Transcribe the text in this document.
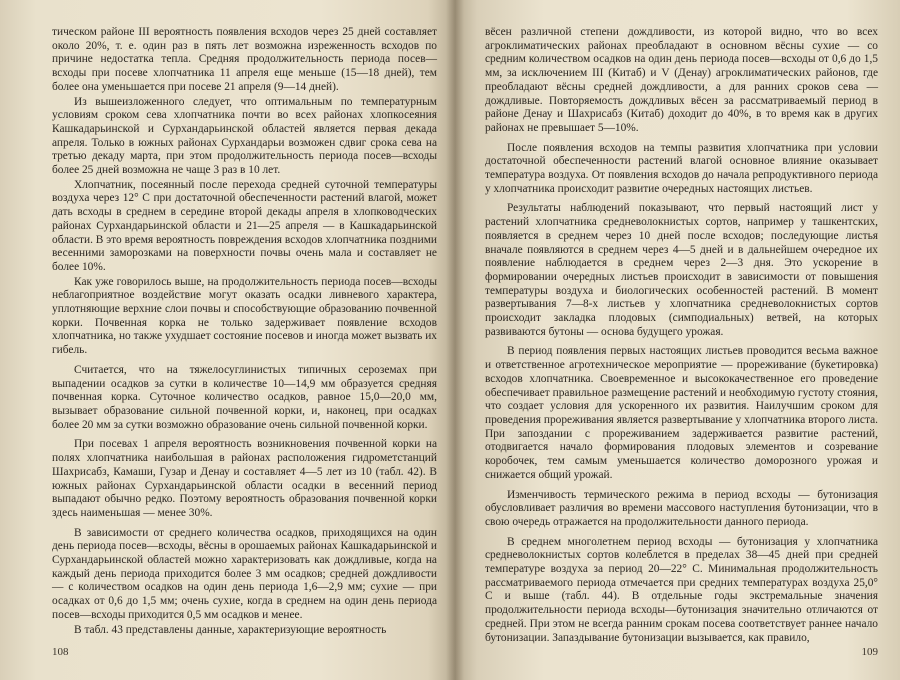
тическом районе III вероятность появления всходов через 25 дней составляет около 20%, т. е. один раз в пять лет возможна изреженность всходов по причине недостатка тепла. Средняя продолжительность периода посев—всходы при посеве хлопчатника 11 апреля еще меньше (15—18 дней), тем более она уменьшается при посеве 21 апреля (9—14 дней).

Из вышеизложенного следует, что оптимальным по температурным условиям сроком сева хлопчатника почти во всех районах хлопкосеяния Кашкадарьинской и Сурхандарьинской областей является первая декада апреля. Только в южных районах Сурхандарьи возможен сдвиг срока сева на третью декаду марта, при этом продолжительность периода посев—всходы более 25 дней возможна не чаще 3 раз в 10 лет.

Хлопчатник, посеянный после перехода средней суточной температуры воздуха через 12° С при достаточной обеспеченности растений влагой, может дать всходы в среднем в середине второй декады апреля в хлопководческих районах Сурхандарьинской области и 21—25 апреля — в Кашкадарьинской области. В это время вероятность повреждения всходов хлопчатника поздними весенними заморозками на поверхности почвы очень мала и составляет не более 10%.

Как уже говорилось выше, на продолжительность периода посев—всходы неблагоприятное воздействие могут оказать осадки ливневого характера, уплотняющие верхние слои почвы и способствующие образованию почвенной корки. Почвенная корка не только задерживает появление всходов хлопчатника, но также ухудшает состояние посевов и иногда может вызвать их гибель.

Считается, что на тяжелосуглинистых типичных сероземах при выпадении осадков за сутки в количестве 10—14,9 мм образуется средняя почвенная корка. Суточное количество осадков, равное 15,0—20,0 мм, вызывает образование сильной почвенной корки, и, наконец, при осадках более 20 мм за сутки возможно образование очень сильной почвенной корки.

При посевах 1 апреля вероятность возникновения почвенной корки на полях хлопчатника наибольшая в районах расположения гидрометстанций Шахрисабз, Камаши, Гузар и Денау и составляет 4—5 лет из 10 (табл. 42). В южных районах Сурхандарьинской области осадки в весенний период выпадают обычно редко. Поэтому вероятность образования почвенной корки здесь наименьшая — менее 30%.

В зависимости от среднего количества осадков, приходящихся на один день периода посев—всходы, вёсны в орошаемых районах Кашкадарьинской и Сурхандарьинской областей можно характеризовать как дождливые, когда на каждый день периода приходится более 3 мм осадков; средней дождливости — с количеством осадков на один день периода 1,6—2,9 мм; сухие — при осадках от 0,6 до 1,5 мм; очень сухие, когда в среднем на один день периода посев—всходы приходится 0,5 мм осадков и менее.

В табл. 43 представлены данные, характеризующие вероятность

108

вёсен различной степени дождливости, из которой видно, что во всех агроклиматических районах преобладают в основном вёсны сухие — со средним количеством осадков на один день периода посев—всходы от 0,6 до 1,5 мм, за исключением III (Китаб) и V (Денау) агроклиматических районов, где преобладают вёсны средней дождливости, а для ранних сроков сева — дождливые. Повторяемость дождливых вёсен за рассматриваемый период в районе Денау и Шахрисабз (Китаб) доходит до 40%, в то время как в других районах не превышает 5—10%.

После появления всходов на темпы развития хлопчатника при условии достаточной обеспеченности растений влагой основное влияние оказывает температура воздуха. От появления всходов до начала репродуктивного периода у хлопчатника происходит развитие очередных настоящих листьев.

Результаты наблюдений показывают, что первый настоящий лист у растений хлопчатника средневолокнистых сортов, например у ташкентских, появляется в среднем через 10 дней после всходов; последующие листья вначале появляются в среднем через 4—5 дней и в дальнейшем очередное их появление наблюдается в среднем через 2—3 дня. Это ускорение в формировании очередных листьев происходит в зависимости от повышения температуры воздуха и биологических особенностей растений. В момент развертывания 7—8-х листьев у хлопчатника средневолокнистых сортов происходит закладка плодовых (симподиальных) ветвей, на которых развиваются бутоны — основа будущего урожая.

В период появления первых настоящих листьев проводится весьма важное и ответственное агротехническое мероприятие — прореживание (букетировка) всходов хлопчатника. Своевременное и высококачественное его проведение обеспечивает правильное размещение растений и необходимую густоту стояния, что создает условия для ускоренного их развития. Наилучшим сроком для проведения прореживания является развертывание у хлопчатника второго листа. При запоздании с прореживанием задерживается развитие растений, отодвигается начало формирования плодовых элементов и созревание коробочек, тем самым уменьшается количество доморозного урожая и снижается общий урожай.

Изменчивость термического режима в период всходы — бутонизация обусловливает различия во времени массового наступления бутонизации, что в свою очередь отражается на продолжительности данного периода.

В среднем многолетнем период всходы — бутонизация у хлопчатника средневолокнистых сортов колеблется в пределах 38—45 дней при средней температуре воздуха за период 20—22° С. Минимальная продолжительность рассматриваемого периода отмечается при средних температурах воздуха 25,0° С и выше (табл. 44). В отдельные годы экстремальные значения продолжительности периода всходы—бутонизация значительно отличаются от средней. При этом не всегда ранним срокам посева соответствует раннее начало бутонизации. Запаздывание бутонизации вызывается, как правило,

109
